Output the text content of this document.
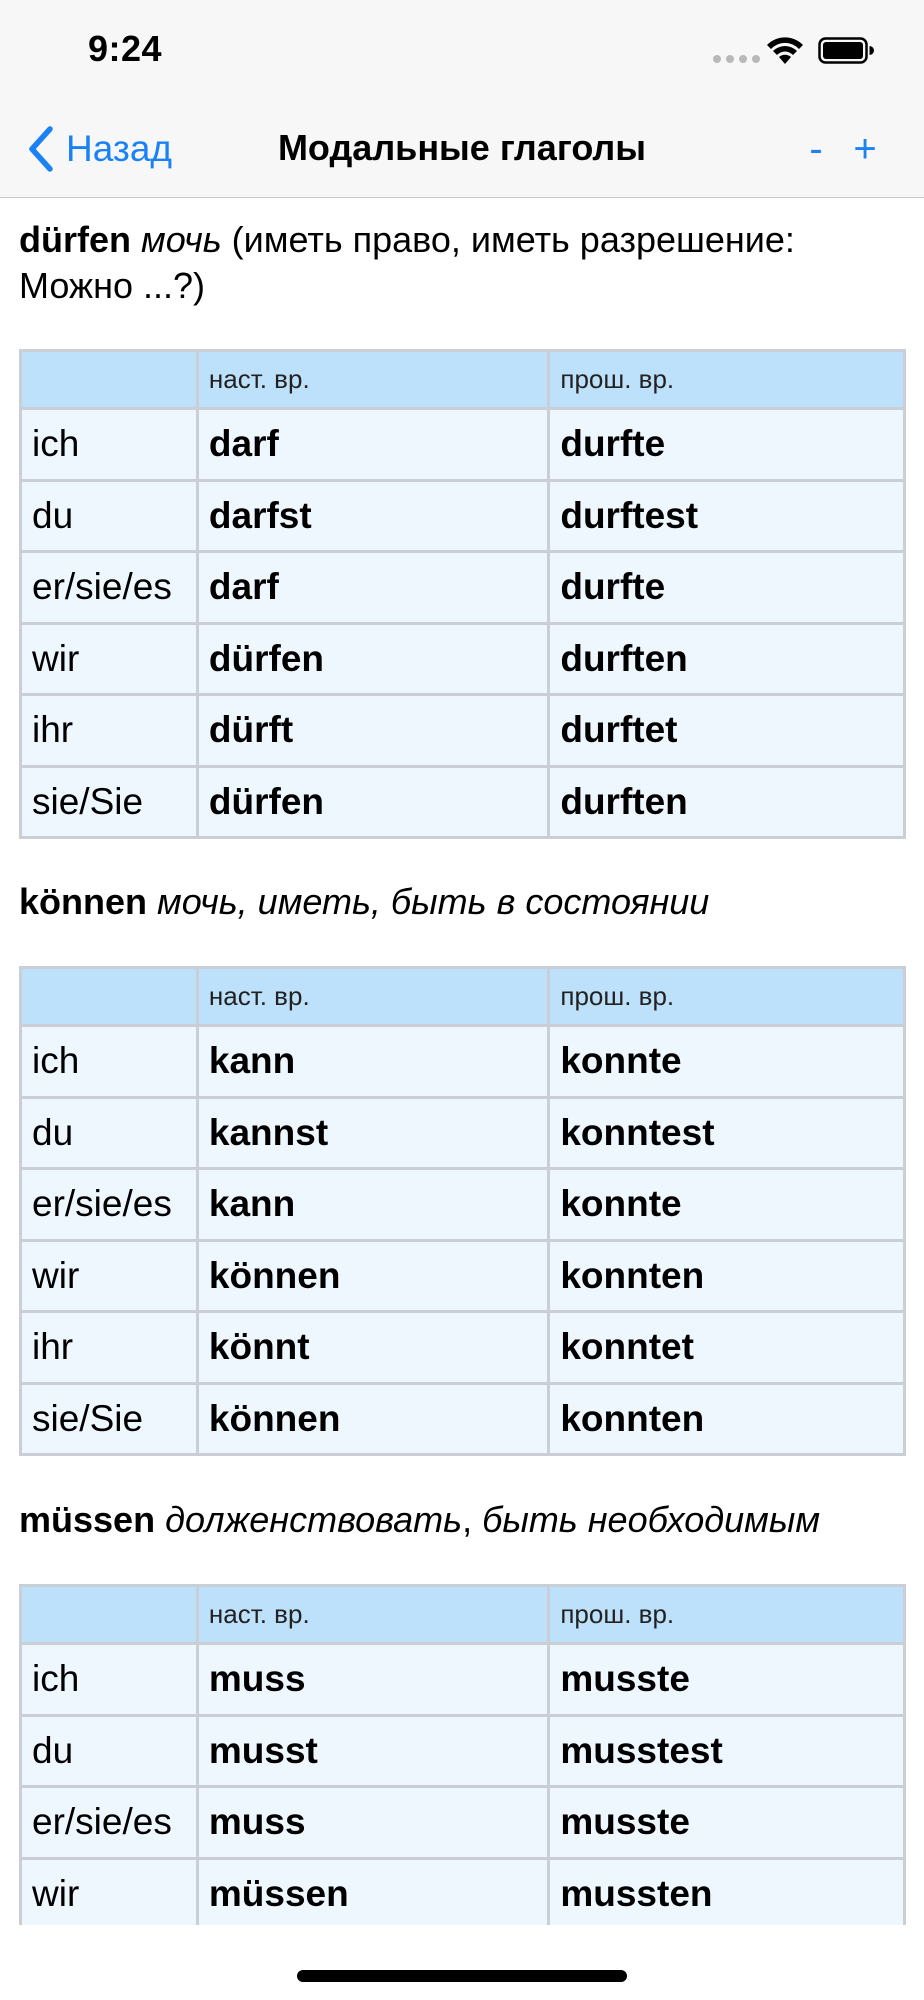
9:24
Назад	Модальные глаголы	- +
dürfen мочь (иметь право, иметь разрешение: Можно ...?)
	наст. вр.	прош. вр.
ich	darf	durfte
du	darfst	durftest
er/sie/es	darf	durfte
wir	dürfen	durften
ihr	dürft	durftet
sie/Sie	dürfen	durften
können мочь, иметь, быть в состоянии
	наст. вр.	прош. вр.
ich	kann	konnte
du	kannst	konntest
er/sie/es	kann	konnte
wir	können	konnten
ihr	könnt	konntet
sie/Sie	können	konnten
müssen долженствовать, быть необходимым
	наст. вр.	прош. вр.
ich	muss	musste
du	musst	musstest
er/sie/es	muss	musste
wir	müssen	mussten
